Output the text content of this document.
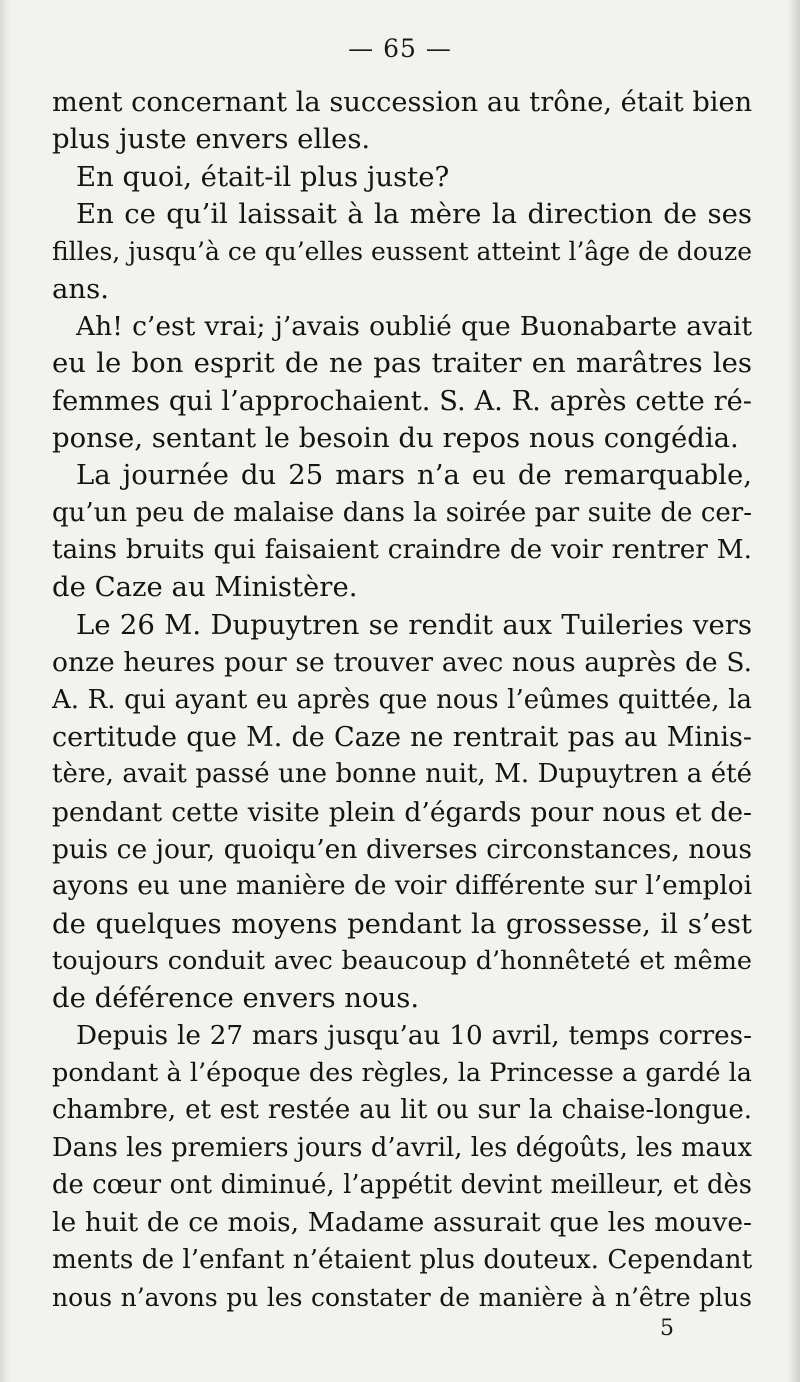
— 65 —
ment concernant la succession au trône, était bien
plus juste envers elles.
En quoi, était-il plus juste?
En ce qu’il laissait à la mère la direction de ses
filles, jusqu’à ce qu’elles eussent atteint l’âge de douze
ans.
Ah! c’est vrai; j’avais oublié que Buonabarte avait
eu le bon esprit de ne pas traiter en marâtres les
femmes qui l’approchaient. S. A. R. après cette ré-
ponse, sentant le besoin du repos nous congédia.
La journée du 25 mars n’a eu de remarquable,
qu’un peu de malaise dans la soirée par suite de cer-
tains bruits qui faisaient craindre de voir rentrer M.
de Caze au Ministère.
Le 26 M. Dupuytren se rendit aux Tuileries vers
onze heures pour se trouver avec nous auprès de S.
A. R. qui ayant eu après que nous l’eûmes quittée, la
certitude que M. de Caze ne rentrait pas au Minis-
tère, avait passé une bonne nuit, M. Dupuytren a été
pendant cette visite plein d’égards pour nous et de-
puis ce jour, quoiqu’en diverses circonstances, nous
ayons eu une manière de voir différente sur l’emploi
de quelques moyens pendant la grossesse, il s’est
toujours conduit avec beaucoup d’honnêteté et même
de déférence envers nous.
Depuis le 27 mars jusqu’au 10 avril, temps corres-
pondant à l’époque des règles, la Princesse a gardé la
chambre, et est restée au lit ou sur la chaise-longue.
Dans les premiers jours d’avril, les dégoûts, les maux
de cœur ont diminué, l’appétit devint meilleur, et dès
le huit de ce mois, Madame assurait que les mouve-
ments de l’enfant n’étaient plus douteux. Cependant
nous n’avons pu les constater de manière à n’être plus
5
